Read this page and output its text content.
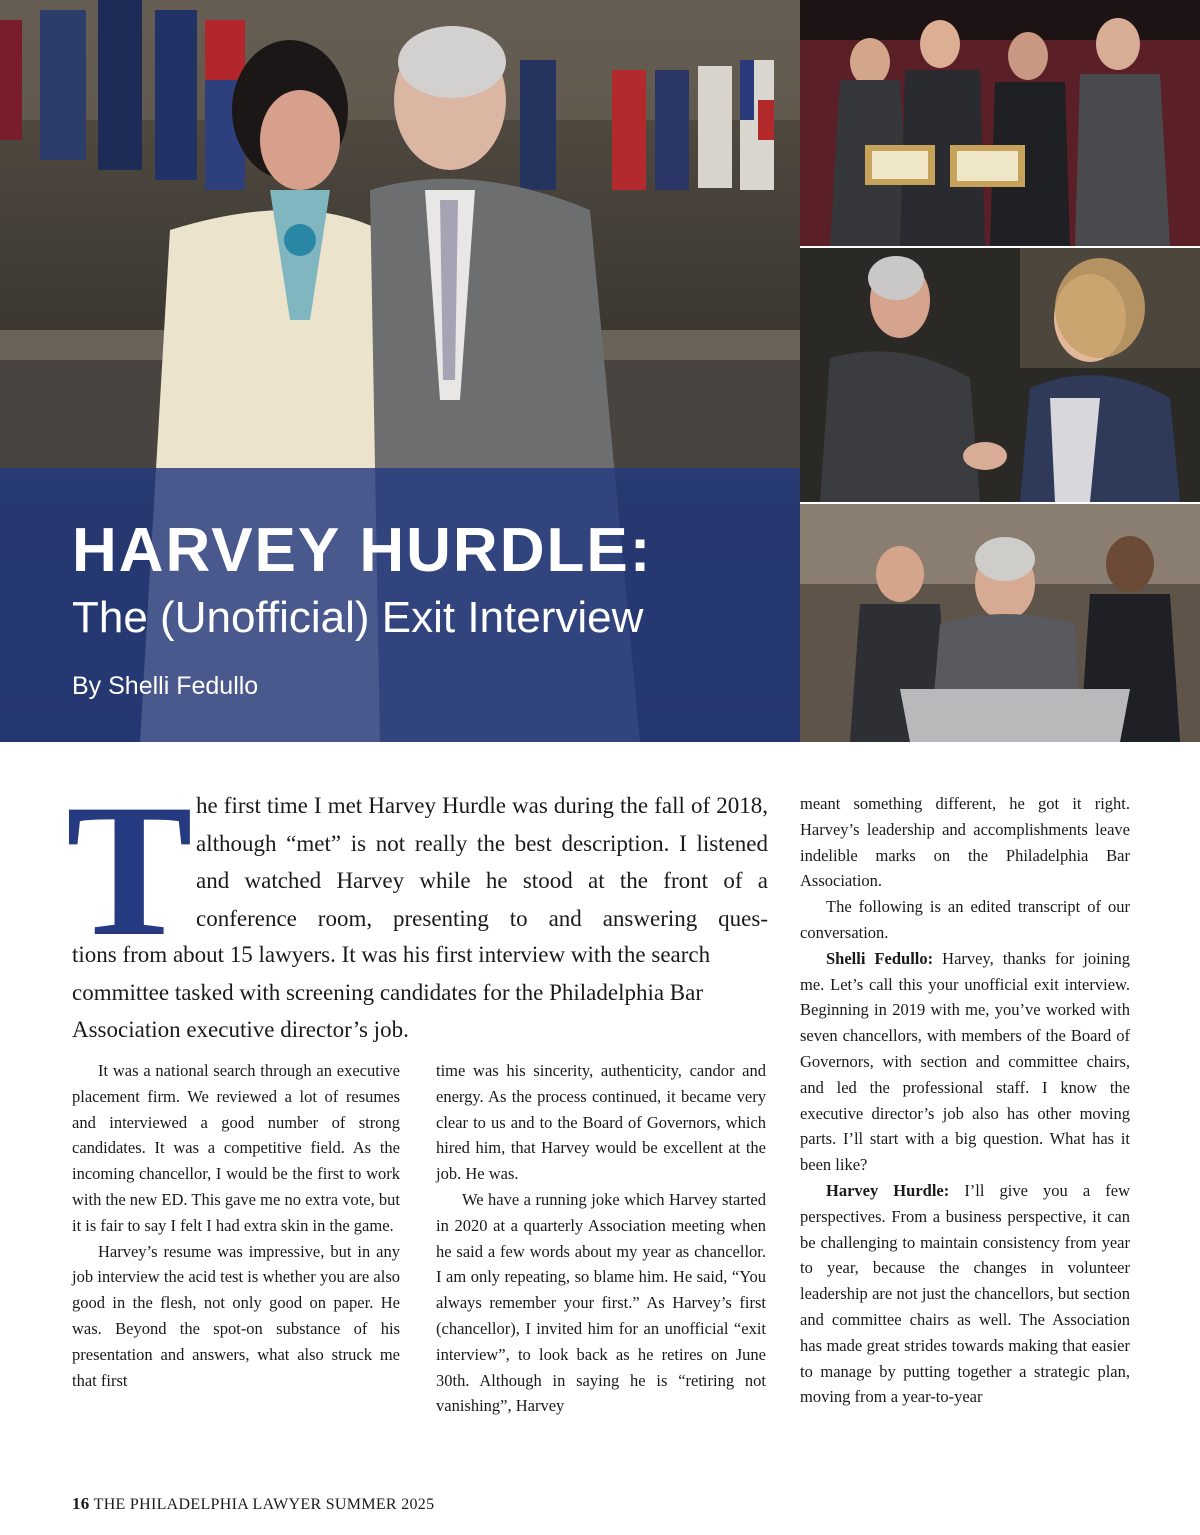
HARVEY HURDLE:
The (Unofficial) Exit Interview

By Shelli Fedullo

T he first time I met Harvey Hurdle was during the fall of 2018, although “met” is not really the best description. I listened and watched Harvey while he stood at the front of a conference room, presenting to and answering ques-

tions from about 15 lawyers. It was his first interview with the search committee tasked with screening candidates for the Philadelphia Bar Association executive director’s job.

It was a national search through an executive placement firm. We reviewed a lot of resumes and interviewed a good number of strong candidates. It was a competitive field. As the incoming chancellor, I would be the first to work with the new ED. This gave me no extra vote, but it is fair to say I felt I had extra skin in the game.

Harvey’s resume was impressive, but in any job interview the acid test is whether you are also good in the flesh, not only good on paper. He was. Beyond the spot-on substance of his presentation and answers, what also struck me that first

time was his sincerity, authenticity, candor and energy. As the process continued, it became very clear to us and to the Board of Governors, which hired him, that Harvey would be excellent at the job. He was.

We have a running joke which Harvey started in 2020 at a quarterly Association meeting when he said a few words about my year as chancellor. I am only repeating, so blame him. He said, “You always remember your first.” As Harvey’s first (chancellor), I invited him for an unofficial “exit interview”, to look back as he retires on June 30th. Although in saying he is “retiring not vanishing”, Harvey

meant something different, he got it right. Harvey’s leadership and accomplishments leave indelible marks on the Philadelphia Bar Association.

The following is an edited transcript of our conversation.

Shelli Fedullo: Harvey, thanks for joining me. Let’s call this your unofficial exit interview. Beginning in 2019 with me, you’ve worked with seven chancellors, with members of the Board of Governors, with section and committee chairs, and led the professional staff. I know the executive director’s job also has other moving parts. I’ll start with a big question. What has it been like?

Harvey Hurdle: I’ll give you a few perspectives. From a business perspective, it can be challenging to maintain consistency from year to year, because the changes in volunteer leadership are not just the chancellors, but section and committee chairs as well. The Association has made great strides towards making that easier to manage by putting together a strategic plan, moving from a year-to-year

16 THE PHILADELPHIA LAWYER SUMMER 2025
